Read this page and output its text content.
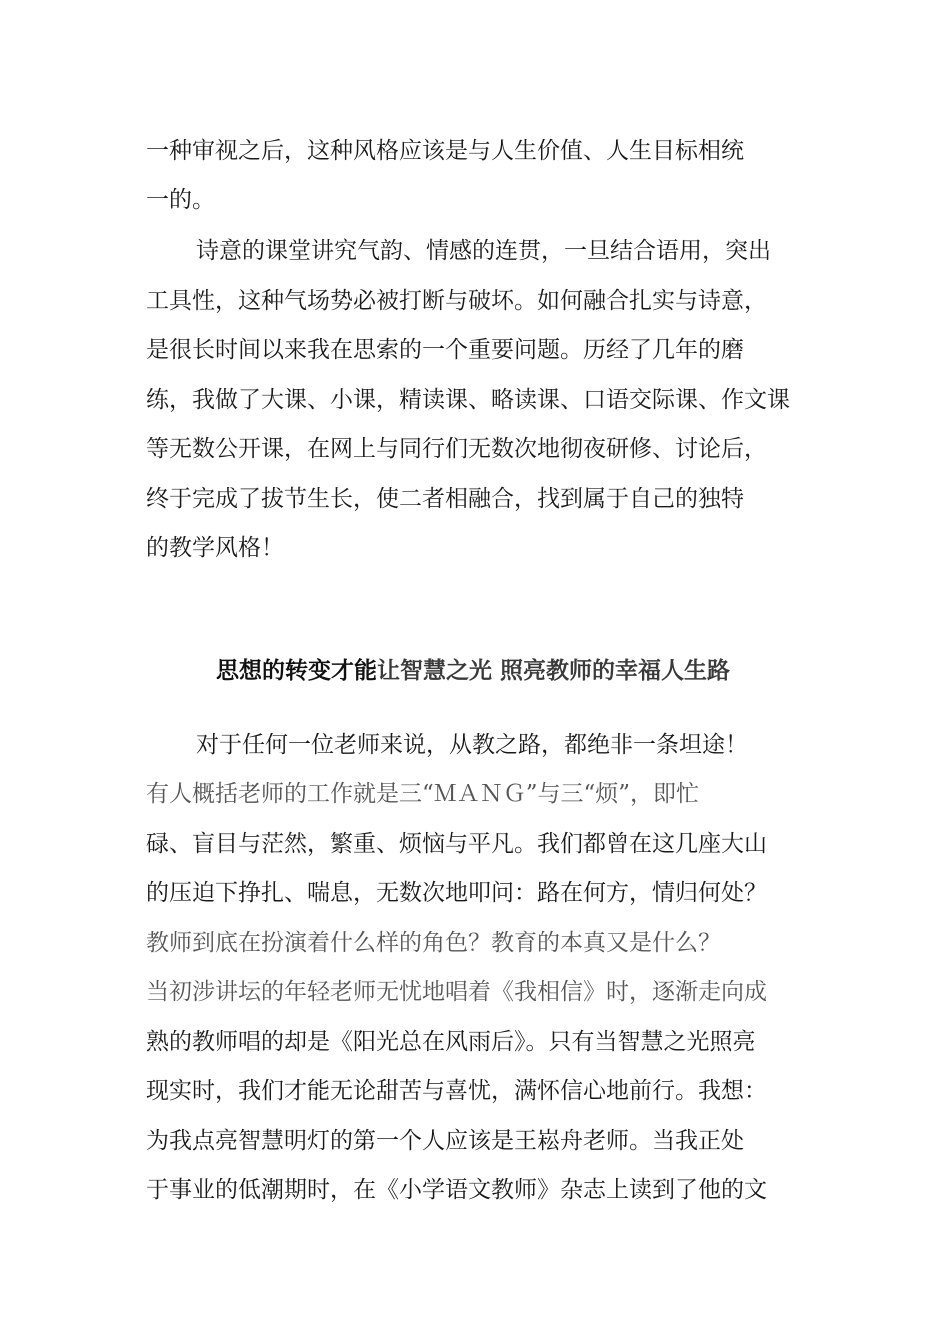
一种审视之后，这种风格应该是与人生价值、人生目标相统
一的。
诗意的课堂讲究气韵、情感的连贯，一旦结合语用，突出
工具性，这种气场势必被打断与破坏。如何融合扎实与诗意，
是很长时间以来我在思索的一个重要问题。历经了几年的磨
练，我做了大课、小课，精读课、略读课、口语交际课、作文课
等无数公开课，在网上与同行们无数次地彻夜研修、讨论后，
终于完成了拔节生长，使二者相融合，找到属于自己的独特
的教学风格！
思想的转变才能让智慧之光 照亮教师的幸福人生路
对于任何一位老师来说，从教之路，都绝非一条坦途！
有人概括老师的工作就是三“ＭＡＮＧ”与三“烦”，即忙
碌、盲目与茫然，繁重、烦恼与平凡。我们都曾在这几座大山
的压迫下挣扎、喘息，无数次地叩问：路在何方，情归何处？
教师到底在扮演着什么样的角色？教育的本真又是什么？
当初涉讲坛的年轻老师无忧地唱着《我相信》时，逐渐走向成
熟的教师唱的却是《阳光总在风雨后》。只有当智慧之光照亮
现实时，我们才能无论甜苦与喜忧，满怀信心地前行。我想：
为我点亮智慧明灯的第一个人应该是王崧舟老师。当我正处
于事业的低潮期时，在《小学语文教师》杂志上读到了他的文
